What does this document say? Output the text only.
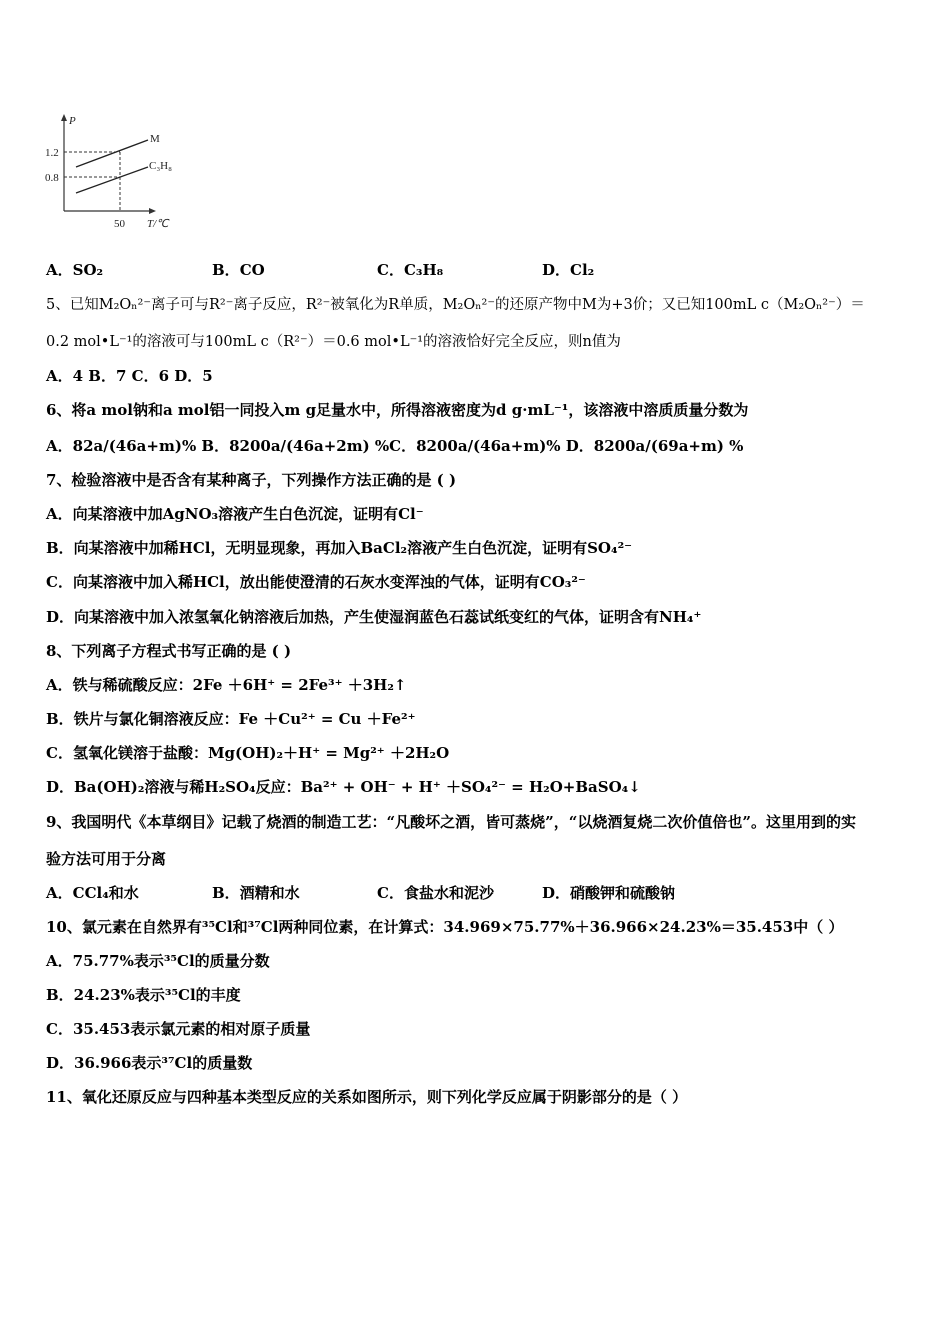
P
1.2
0.8
50 T/℃
M
C₃H₈
A．SO₂	B．CO	C．C₃H₈	D．Cl₂
5、已知M₂Oₙ²⁻离子可与R²⁻离子反应，R²⁻被氧化为R单质，M₂Oₙ²⁻的还原产物中M为+3价；又已知100mL c（M₂Oₙ²⁻）＝
0.2 mol•L⁻¹的溶液可与100mL c（R²⁻）＝0.6 mol•L⁻¹的溶液恰好完全反应，则n值为
A．4 B．7 C．6 D．5
6、将a mol钠和a mol铝一同投入m g足量水中，所得溶液密度为d g·mL⁻¹，该溶液中溶质质量分数为
A．82a/(46a+m)% B．8200a/(46a+2m) %C．8200a/(46a+m)% D．8200a/(69a+m) %
7、检验溶液中是否含有某种离子，下列操作方法正确的是 ( )
A．向某溶液中加AgNO₃溶液产生白色沉淀，证明有Cl⁻
B．向某溶液中加稀HCl，无明显现象，再加入BaCl₂溶液产生白色沉淀，证明有SO₄²⁻
C．向某溶液中加入稀HCl，放出能使澄清的石灰水变浑浊的气体，证明有CO₃²⁻
D．向某溶液中加入浓氢氧化钠溶液后加热，产生使湿润蓝色石蕊试纸变红的气体，证明含有NH₄⁺
8、下列离子方程式书写正确的是 ( )
A．铁与稀硫酸反应：2Fe ＋6H⁺ = 2Fe³⁺ ＋3H₂↑
B．铁片与氯化铜溶液反应：Fe ＋Cu²⁺ = Cu ＋Fe²⁺
C．氢氧化镁溶于盐酸：Mg(OH)₂＋H⁺ = Mg²⁺ ＋2H₂O
D．Ba(OH)₂溶液与稀H₂SO₄反应：Ba²⁺ + OH⁻ + H⁺ ＋SO₄²⁻ = H₂O+BaSO₄↓
9、我国明代《本草纲目》记载了烧酒的制造工艺：“凡酸坏之酒，皆可蒸烧”，“以烧酒复烧二次价值倍也”。这里用到的实
验方法可用于分离
A．CCl₄和水	B．酒精和水	C．食盐水和泥沙	D．硝酸钾和硫酸钠
10、氯元素在自然界有³⁵Cl和³⁷Cl两种同位素，在计算式：34.969×75.77%＋36.966×24.23%＝35.453中（ ）
A．75.77%表示³⁵Cl的质量分数
B．24.23%表示³⁵Cl的丰度
C．35.453表示氯元素的相对原子质量
D．36.966表示³⁷Cl的质量数
11、氧化还原反应与四种基本类型反应的关系如图所示，则下列化学反应属于阴影部分的是（ ）
